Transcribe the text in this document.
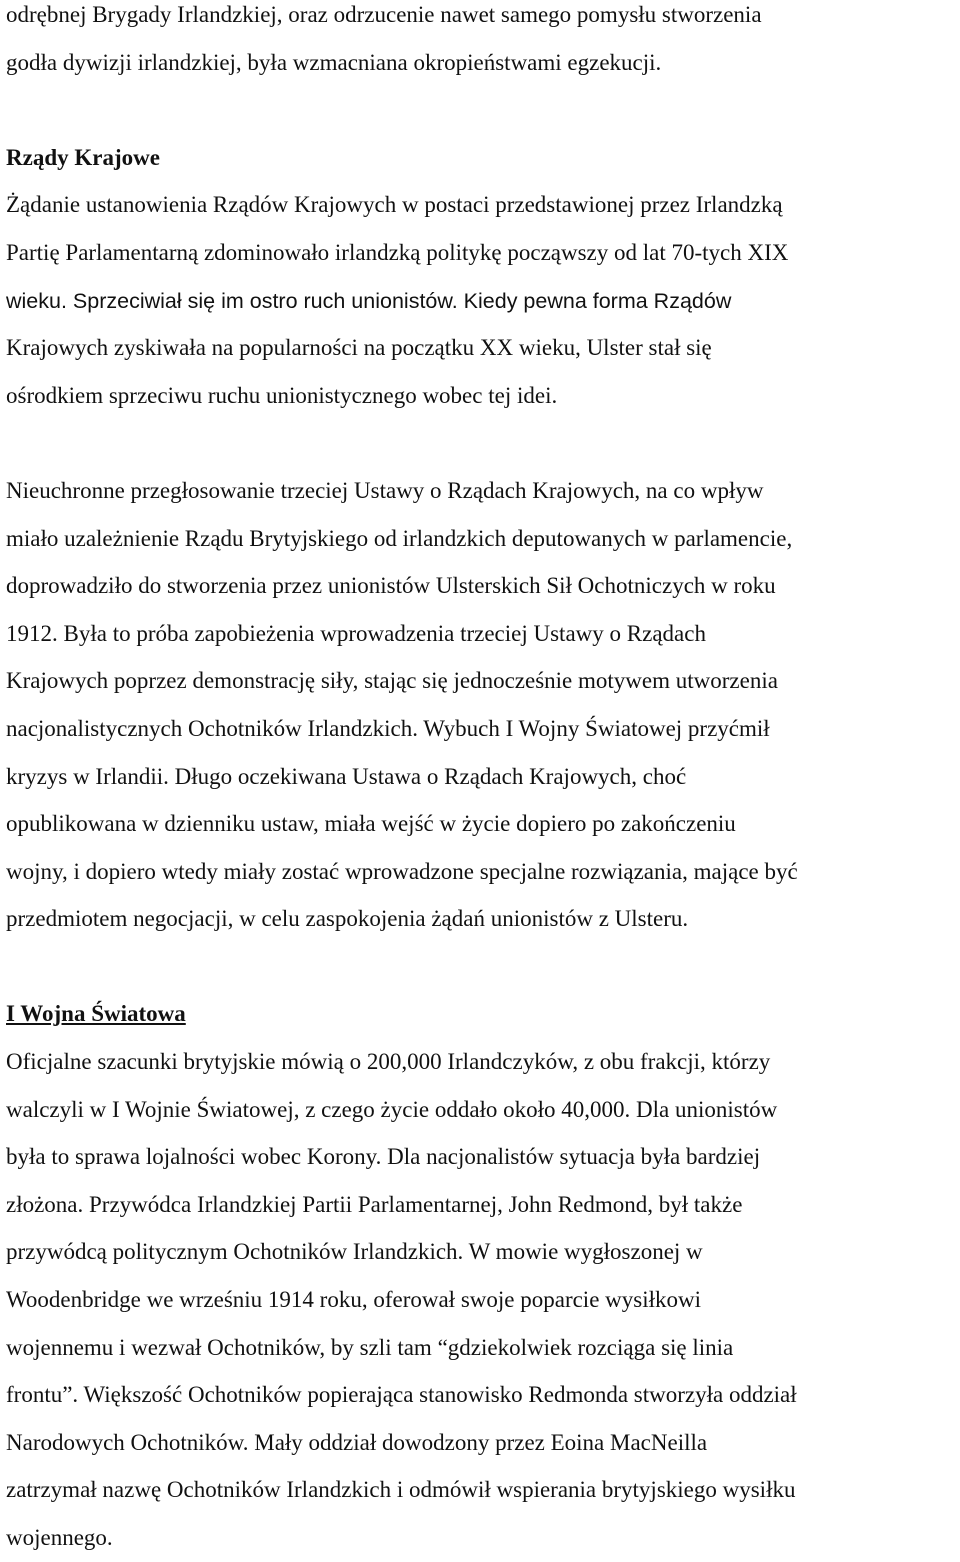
odrębnej Brygady Irlandzkiej, oraz odrzucenie nawet samego pomysłu stworzenia
godła dywizji irlandzkiej, była wzmacniana okropieństwami egzekucji.
Rządy Krajowe
Żądanie ustanowienia Rządów Krajowych w postaci przedstawionej przez Irlandzką
Partię Parlamentarną zdominowało irlandzką politykę począwszy od lat 70-tych XIX
wieku. Sprzeciwiał się im ostro ruch unionistów. Kiedy pewna forma Rządów
Krajowych zyskiwała na popularności na początku XX wieku, Ulster stał się
ośrodkiem sprzeciwu ruchu unionistycznego wobec tej idei.
Nieuchronne przegłosowanie trzeciej Ustawy o Rządach Krajowych, na co wpływ
miało uzależnienie Rządu Brytyjskiego od irlandzkich deputowanych w parlamencie,
doprowadziło do stworzenia przez unionistów Ulsterskich Sił Ochotniczych w roku
1912. Była to próba zapobieżenia wprowadzenia trzeciej Ustawy o Rządach
Krajowych poprzez demonstrację siły, stając się jednocześnie motywem utworzenia
nacjonalistycznych Ochotników Irlandzkich. Wybuch I Wojny Światowej przyćmił
kryzys w Irlandii. Długo oczekiwana Ustawa o Rządach Krajowych, choć
opublikowana w dzienniku ustaw, miała wejść w życie dopiero po zakończeniu
wojny, i dopiero wtedy miały zostać wprowadzone specjalne rozwiązania, mające być
przedmiotem negocjacji, w celu zaspokojenia żądań unionistów z Ulsteru.
I Wojna Światowa
Oficjalne szacunki brytyjskie mówią o 200,000 Irlandczyków, z obu frakcji, którzy
walczyli w I Wojnie Światowej, z czego życie oddało około 40,000. Dla unionistów
była to sprawa lojalności wobec Korony. Dla nacjonalistów sytuacja była bardziej
złożona. Przywódca Irlandzkiej Partii Parlamentarnej, John Redmond, był także
przywódcą politycznym Ochotników Irlandzkich. W mowie wygłoszonej w
Woodenbridge we wrześniu 1914 roku, oferował swoje poparcie wysiłkowi
wojennemu i wezwał Ochotników, by szli tam “gdziekolwiek rozciąga się linia
frontu”. Większość Ochotników popierająca stanowisko Redmonda stworzyła oddział
Narodowych Ochotników. Mały oddział dowodzony przez Eoina MacNeilla
zatrzymał nazwę Ochotników Irlandzkich i odmówił wspierania brytyjskiego wysiłku
wojennego.
